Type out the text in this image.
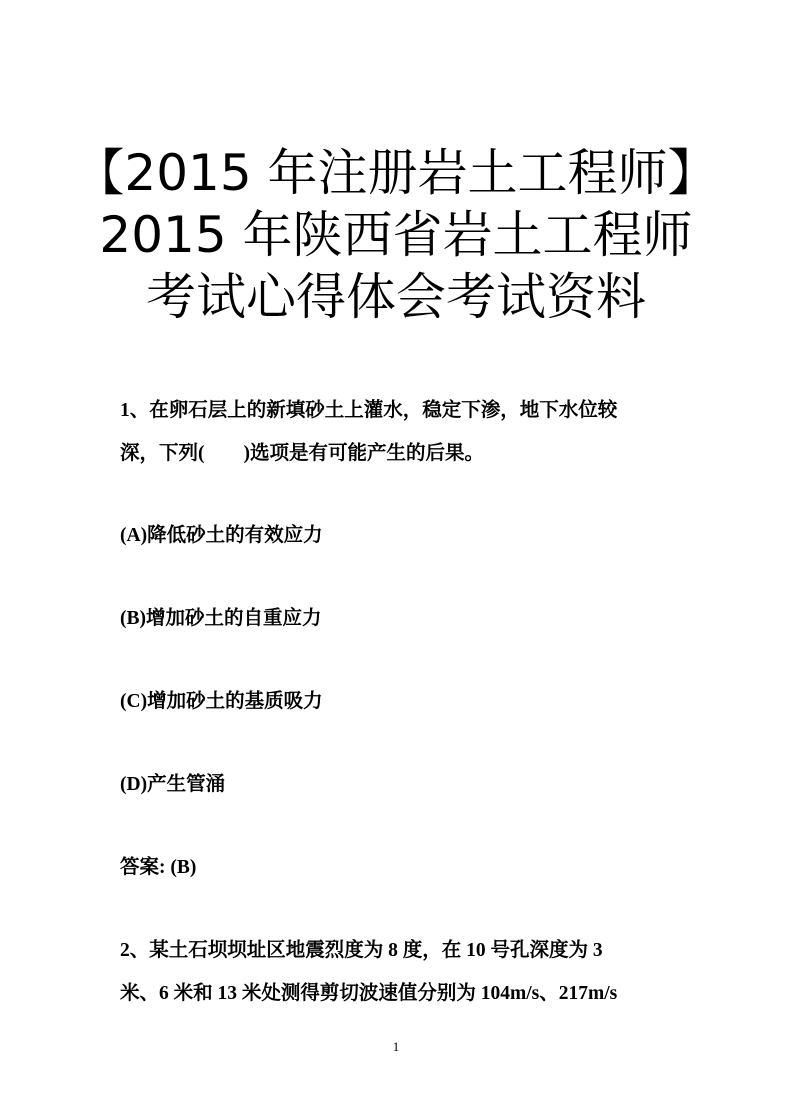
【2015 年注册岩土工程师】
2015 年陕西省岩土工程师
考试心得体会考试资料
1、在卵石层上的新填砂土上灌水，稳定下渗，地下水位较
深，下列(　　)选项是有可能产生的后果。
(A)降低砂土的有效应力
(B)增加砂土的自重应力
(C)增加砂土的基质吸力
(D)产生管涌
答案: (B)
2、某土石坝坝址区地震烈度为 8 度，在 10 号孔深度为 3
米、6 米和 13 米处测得剪切波速值分别为 104m/s、217m/s
1
